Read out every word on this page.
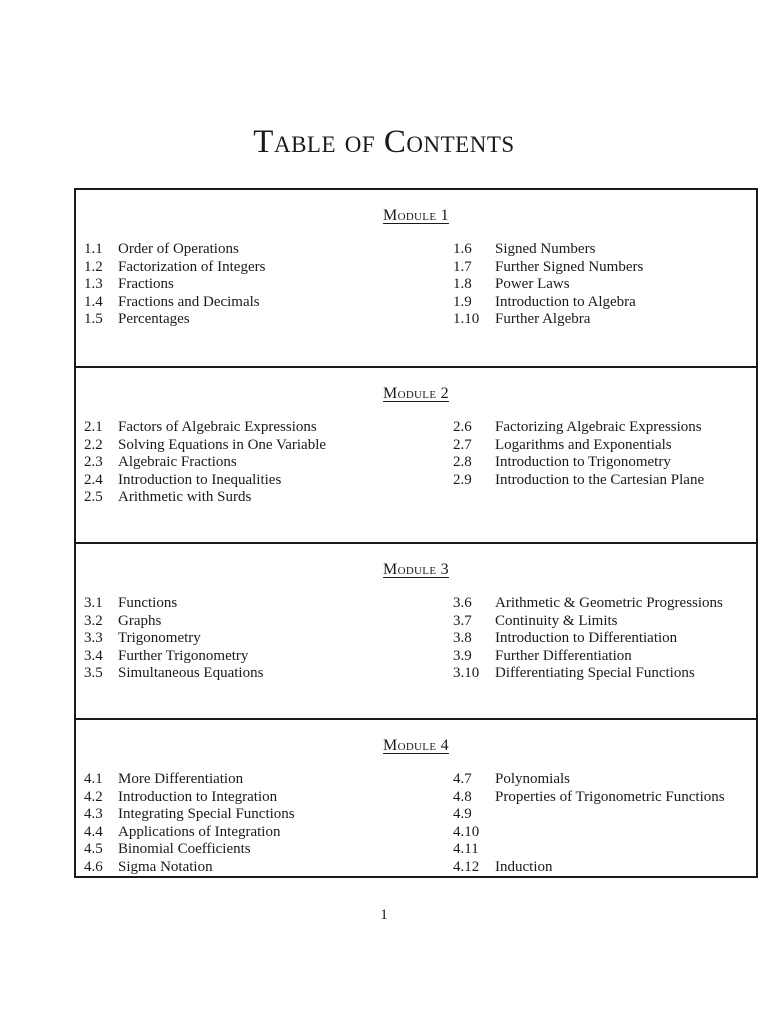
Table of Contents
Module 1
1.1	Order of Operations
1.2	Factorization of Integers
1.3	Fractions
1.4	Fractions and Decimals
1.5	Percentages
1.6	Signed Numbers
1.7	Further Signed Numbers
1.8	Power Laws
1.9	Introduction to Algebra
1.10	Further Algebra
Module 2
2.1	Factors of Algebraic Expressions
2.2	Solving Equations in One Variable
2.3	Algebraic Fractions
2.4	Introduction to Inequalities
2.5	Arithmetic with Surds
2.6	Factorizing Algebraic Expressions
2.7	Logarithms and Exponentials
2.8	Introduction to Trigonometry
2.9	Introduction to the Cartesian Plane
Module 3
3.1	Functions
3.2	Graphs
3.3	Trigonometry
3.4	Further Trigonometry
3.5	Simultaneous Equations
3.6	Arithmetic & Geometric Progressions
3.7	Continuity & Limits
3.8	Introduction to Differentiation
3.9	Further Differentiation
3.10	Differentiating Special Functions
Module 4
4.1	More Differentiation
4.2	Introduction to Integration
4.3	Integrating Special Functions
4.4	Applications of Integration
4.5	Binomial Coefficients
4.6	Sigma Notation
4.7	Polynomials
4.8	Properties of Trigonometric Functions
4.9
4.10
4.11
4.12	Induction
1
